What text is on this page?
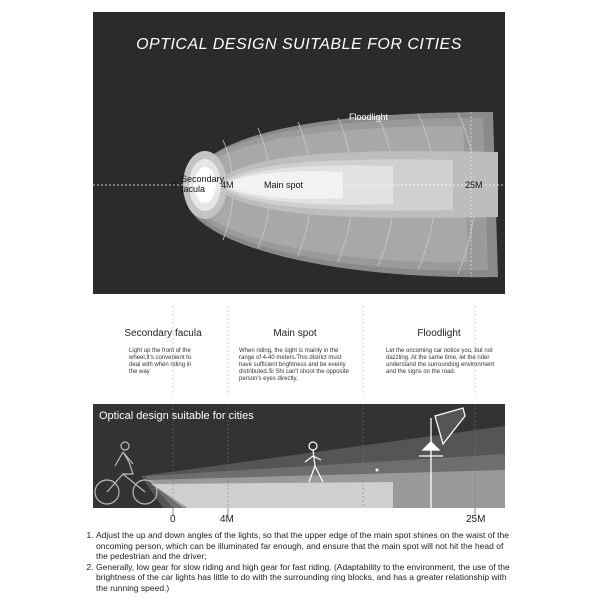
OPTICAL DESIGN SUITABLE FOR CITIES
Floodlight
Secondary
facula
0	4M	Main spot	25M
Secondary facula
Light up the front of the wheel,It's convenient to deal with when riding in the way
Main spot
When riding, the sight is mainly in the range of 4-40 meters.This district must have sufficient brightness and be evenly distributed.Si Shi can't shoot the opposite person's eyes directly.
Floodlight
Let the oncoming car notice you, but not dazzling. At the same time, let the rider understand the surrounding environment and the signs on the road.
Optical design suitable for cities
0	4M	25M
1. Adjust the up and down angles of the lights, so that the upper edge of the main spot shines on the waist of the oncoming person, which can be illuminated far enough, and ensure that the main spot will not hit the head of the pedestrian and the driver;
2. Generally, low gear for slow riding and high gear for fast riding. (Adaptability to the environment, the use of the brightness of the car lights has little to do with the surrounding ring blocks, and has a greater relationship with the running speed.)
